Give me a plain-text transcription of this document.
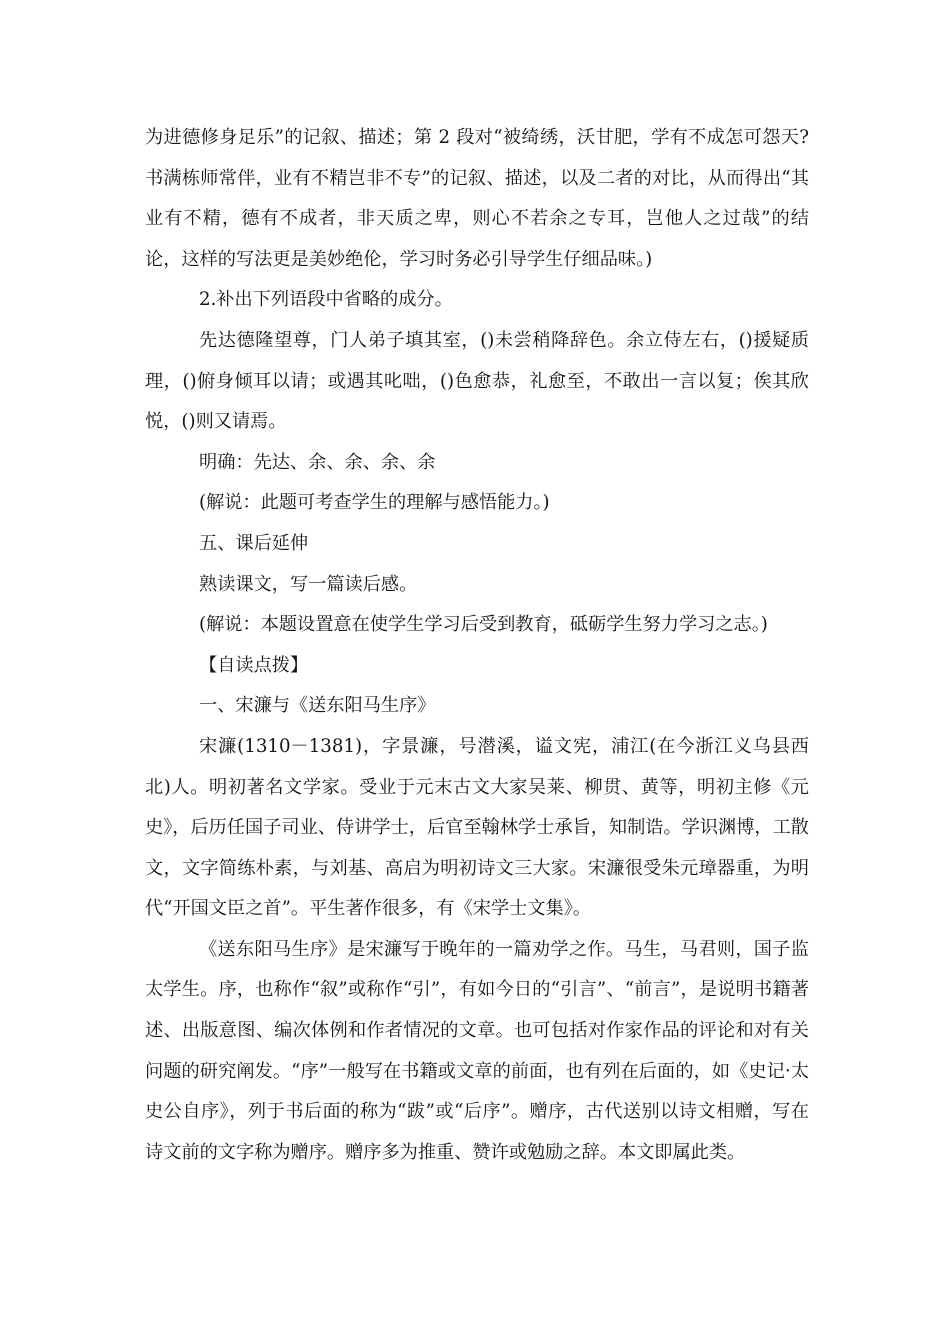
为进德修身足乐”的记叙、描述；第 2 段对“被绮绣，沃甘肥，学有不成怎可怨天?书满栋师常伴，业有不精岂非不专”的记叙、描述，以及二者的对比，从而得出“其业有不精，德有不成者，非天质之卑，则心不若余之专耳，岂他人之过哉”的结论，这样的写法更是美妙绝伦，学习时务必引导学生仔细品味。)

2.补出下列语段中省略的成分。

先达德隆望尊，门人弟子填其室，()未尝稍降辞色。余立侍左右，()援疑质理，()俯身倾耳以请；或遇其叱咄，()色愈恭，礼愈至，不敢出一言以复；俟其欣悦，()则又请焉。

明确：先达、余、余、余、余

(解说：此题可考查学生的理解与感悟能力。)

五、课后延伸

熟读课文，写一篇读后感。

(解说：本题设置意在使学生学习后受到教育，砥砺学生努力学习之志。)

【自读点拨】

一、宋濂与《送东阳马生序》

宋濂(1310－1381)，字景濂，号潜溪，谥文宪，浦江(在今浙江义乌县西北)人。明初著名文学家。受业于元末古文大家吴莱、柳贯、黄等，明初主修《元史》，后历任国子司业、侍讲学士，后官至翰林学士承旨，知制诰。学识渊博，工散文，文字简练朴素，与刘基、高启为明初诗文三大家。宋濂很受朱元璋器重，为明代“开国文臣之首”。平生著作很多，有《宋学士文集》。

《送东阳马生序》是宋濂写于晚年的一篇劝学之作。马生，马君则，国子监太学生。序，也称作“叙”或称作“引”，有如今日的“引言”、“前言”，是说明书籍著述、出版意图、编次体例和作者情况的文章。也可包括对作家作品的评论和对有关问题的研究阐发。“序”一般写在书籍或文章的前面，也有列在后面的，如《史记·太史公自序》，列于书后面的称为“跋”或“后序”。赠序，古代送别以诗文相赠，写在诗文前的文字称为赠序。赠序多为推重、赞许或勉励之辞。本文即属此类。
